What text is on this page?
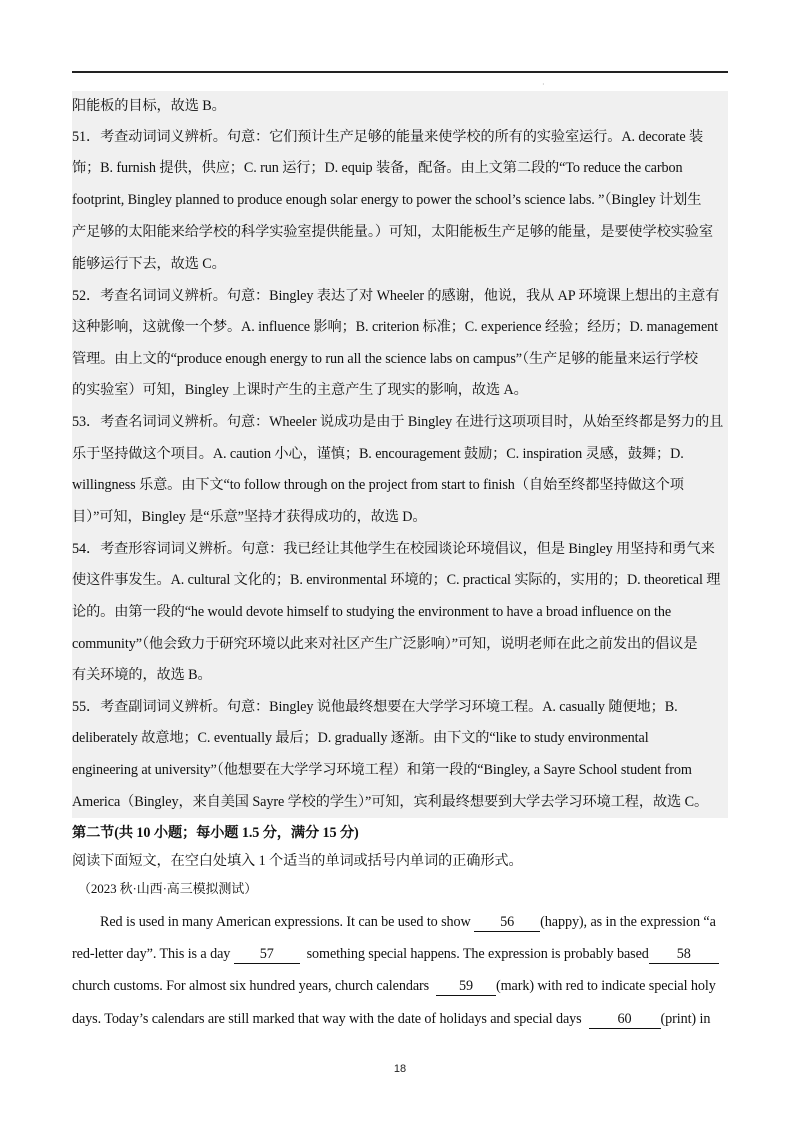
·
阳能板的目标，故选 B。
51．考查动词词义辨析。句意：它们预计生产足够的能量来使学校的所有的实验室运行。A. decorate 装
饰；B. furnish 提供，供应；C. run 运行；D. equip 装备，配备。由上文第二段的“To reduce the carbon
footprint, Bingley planned to produce enough solar energy to power the school’s science labs. ”（Bingley 计划生
产足够的太阳能来给学校的科学实验室提供能量。）可知，太阳能板生产足够的能量，是要使学校实验室
能够运行下去，故选 C。
52．考查名词词义辨析。句意：Bingley 表达了对 Wheeler 的感谢，他说，我从 AP 环境课上想出的主意有
这种影响，这就像一个梦。A. influence 影响；B. criterion 标准；C. experience 经验；经历；D. management
管理。由上文的“produce enough energy to run all the science labs on campus”（生产足够的能量来运行学校
的实验室）可知，Bingley 上课时产生的主意产生了现实的影响，故选 A。
53．考查名词词义辨析。句意：Wheeler 说成功是由于 Bingley 在进行这项项目时，从始至终都是努力的且
乐于坚持做这个项目。A. caution 小心，谨慎；B. encouragement 鼓励；C. inspiration 灵感，鼓舞；D.
willingness 乐意。由下文“to follow through on the project from start to finish（自始至终都坚持做这个项
目）”可知，Bingley 是“乐意”坚持才获得成功的，故选 D。
54．考查形容词词义辨析。句意：我已经让其他学生在校园谈论环境倡议，但是 Bingley 用坚持和勇气来
使这件事发生。A. cultural 文化的；B. environmental 环境的；C. practical 实际的，实用的；D. theoretical 理
论的。由第一段的“he would devote himself to studying the environment to have a broad influence on the
community”（他会致力于研究环境以此来对社区产生广泛影响）”可知，说明老师在此之前发出的倡议是
有关环境的，故选 B。
55．考查副词词义辨析。句意：Bingley 说他最终想要在大学学习环境工程。A. casually 随便地；B.
deliberately 故意地；C. eventually 最后；D. gradually 逐渐。由下文的“like to study environmental
engineering at university”（他想要在大学学习环境工程）和第一段的“Bingley, a Sayre School student from
America（Bingley，来自美国 Sayre 学校的学生）”可知，宾利最终想要到大学去学习环境工程，故选 C。
第二节(共 10 小题；每小题 1.5 分，满分 15 分)
阅读下面短文，在空白处填入 1 个适当的单词或括号内单词的正确形式。
（2023 秋·山西·高三模拟测试）
Red is used in many American expressions. It can be used to show 56 (happy), as in the expression “a
red-letter day”. This is a day 57 something special happens. The expression is probably based 58
church customs. For almost six hundred years, church calendars 59 (mark) with red to indicate special holy
days. Today’s calendars are still marked that way with the date of holidays and special days	60 (print) in
18
